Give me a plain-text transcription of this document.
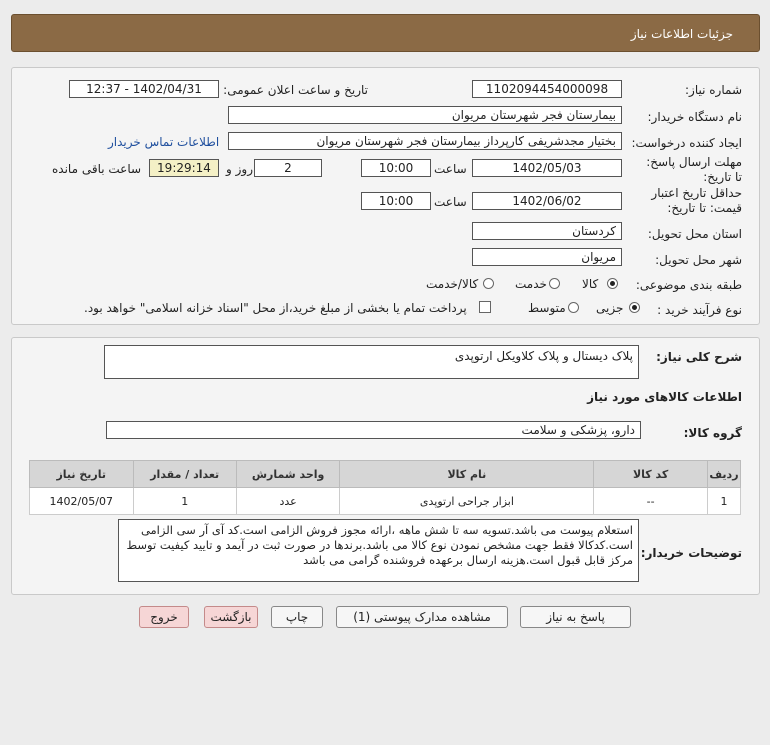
جزئیات اطلاعات نیاز
شماره نیاز:
1102094454000098
تاریخ و ساعت اعلان عمومی:
1402/04/31 - 12:37
نام دستگاه خریدار:
بیمارستان فجر شهرستان مریوان
ایجاد کننده درخواست:
بختیار مجدشریفی کارپرداز بیمارستان فجر شهرستان مریوان
اطلاعات تماس خریدار
مهلت ارسال پاسخ: تا تاریخ:
1402/05/03
ساعت
10:00
2
روز و
19:29:14
ساعت باقی مانده
حداقل تاریخ اعتبار قیمت: تا تاریخ:
1402/06/02
ساعت
10:00
استان محل تحویل:
کردستان
شهر محل تحویل:
مریوان
طبقه بندی موضوعی:
کالا
خدمت
کالا/خدمت
نوع فرآیند خرید :
جزیی
متوسط
پرداخت تمام یا بخشی از مبلغ خرید،از محل "اسناد خزانه اسلامی" خواهد بود.
شرح کلی نیاز:
پلاک دیستال و پلاک کلاویکل ارتوپدی
اطلاعات کالاهای مورد نیاز
گروه کالا:
دارو، پزشکی و سلامت
ردیف	کد کالا	نام کالا	واحد شمارش	تعداد / مقدار	تاریخ نیاز
1	--	ابزار جراحی ارتوپدی	عدد	1	1402/05/07
توضیحات خریدار:
استعلام پیوست می باشد.تسویه سه تا شش ماهه ،ارائه مجوز فروش الزامی است.کد آی آر سی الزامی است.کدکالا فقط جهت مشخص نمودن نوع کالا می باشد.برندها در صورت ثبت در آیمد و تایید کیفیت توسط مرکز قابل قبول است.هزینه ارسال برعهده فروشنده گرامی می باشد
پاسخ به نیاز
مشاهده مدارک پیوستی (1)
چاپ
بازگشت
خروج
